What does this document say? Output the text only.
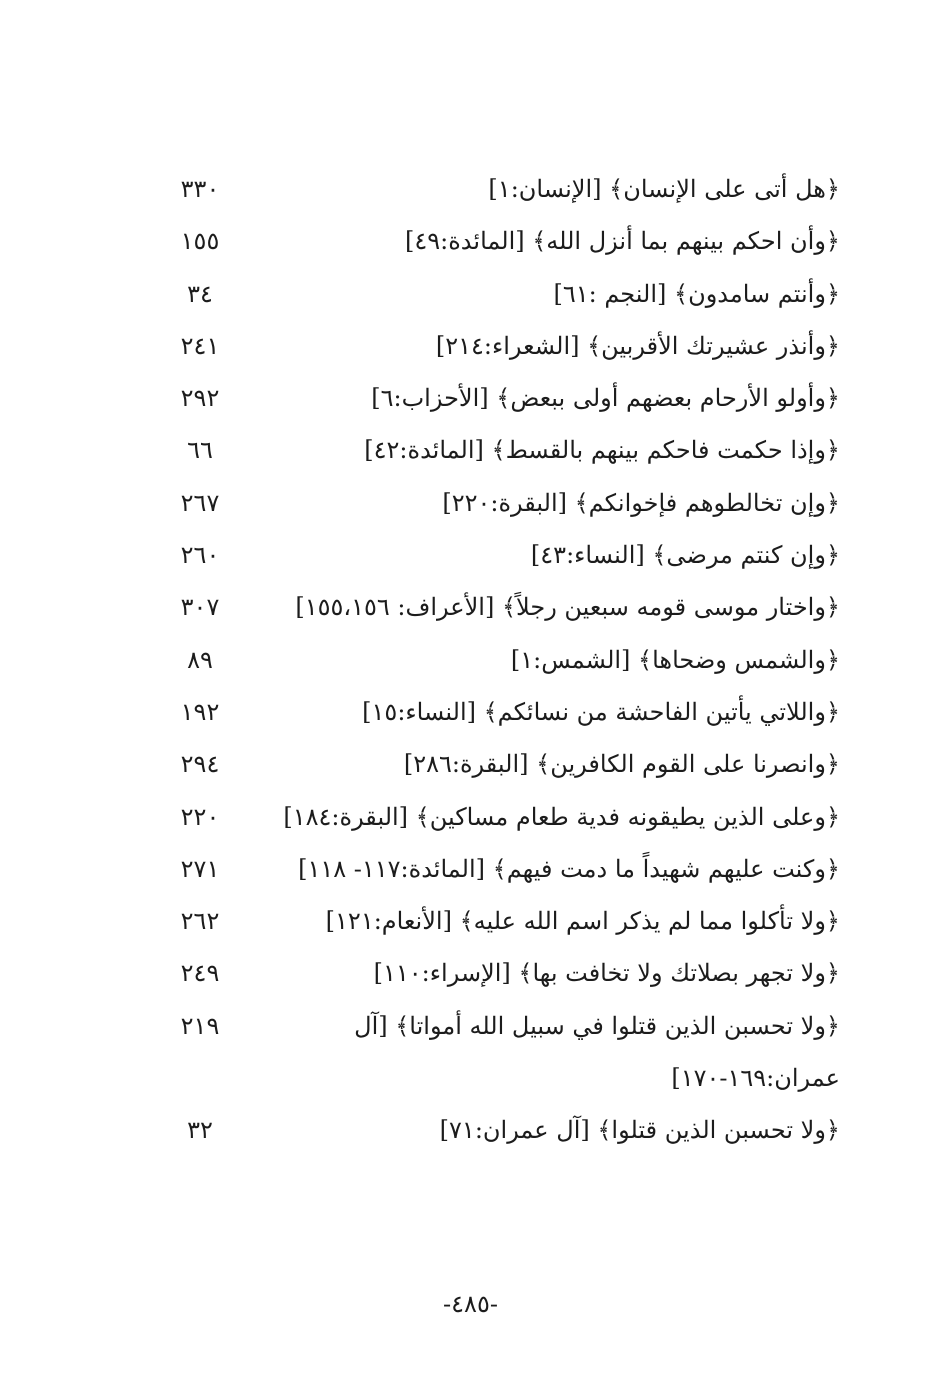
﴿هل أتى على الإنسان﴾ [الإنسان:١]
٣٣٠
﴿وأن احكم بينهم بما أنزل الله﴾ [المائدة:٤٩]
١٥٥
﴿وأنتم سامدون﴾ [النجم :٦١]
٣٤
﴿وأنذر عشيرتك الأقربين﴾ [الشعراء:٢١٤]
٢٤١
﴿وأولو الأرحام بعضهم أولى ببعض﴾ [الأحزاب:٦]
٢٩٢
﴿وإذا حكمت فاحكم بينهم بالقسط﴾ [المائدة:٤٢]
٦٦
﴿وإن تخالطوهم فإخوانكم﴾ [البقرة:٢٢٠]
٢٦٧
﴿وإن كنتم مرضى﴾ [النساء:٤٣]
٢٦٠
﴿واختار موسى قومه سبعين رجلاً﴾ [الأعراف: ١٥٥،١٥٦]
٣٠٧
﴿والشمس وضحاها﴾ [الشمس:١]
٨٩
﴿واللاتي يأتين الفاحشة من نسائكم﴾ [النساء:١٥]
١٩٢
﴿وانصرنا على القوم الكافرين﴾ [البقرة:٢٨٦]
٢٩٤
﴿وعلى الذين يطيقونه فدية طعام مساكين﴾ [البقرة:١٨٤]
٢٢٠
﴿وكنت عليهم شهيداً ما دمت فيهم﴾ [المائدة:١١٧- ١١٨]
٢٧١
﴿ولا تأكلوا مما لم يذكر اسم الله عليه﴾ [الأنعام:١٢١]
٢٦٢
﴿ولا تجهر بصلاتك ولا تخافت بها﴾ [الإسراء:١١٠]
٢٤٩
﴿ولا تحسبن الذين قتلوا في سبيل الله أمواتا﴾ [آل عمران:١٦٩-١٧٠]
٢١٩
﴿ولا تحسبن الذين قتلوا﴾ [آل عمران:٧١]
٣٢
-٤٨٥-
